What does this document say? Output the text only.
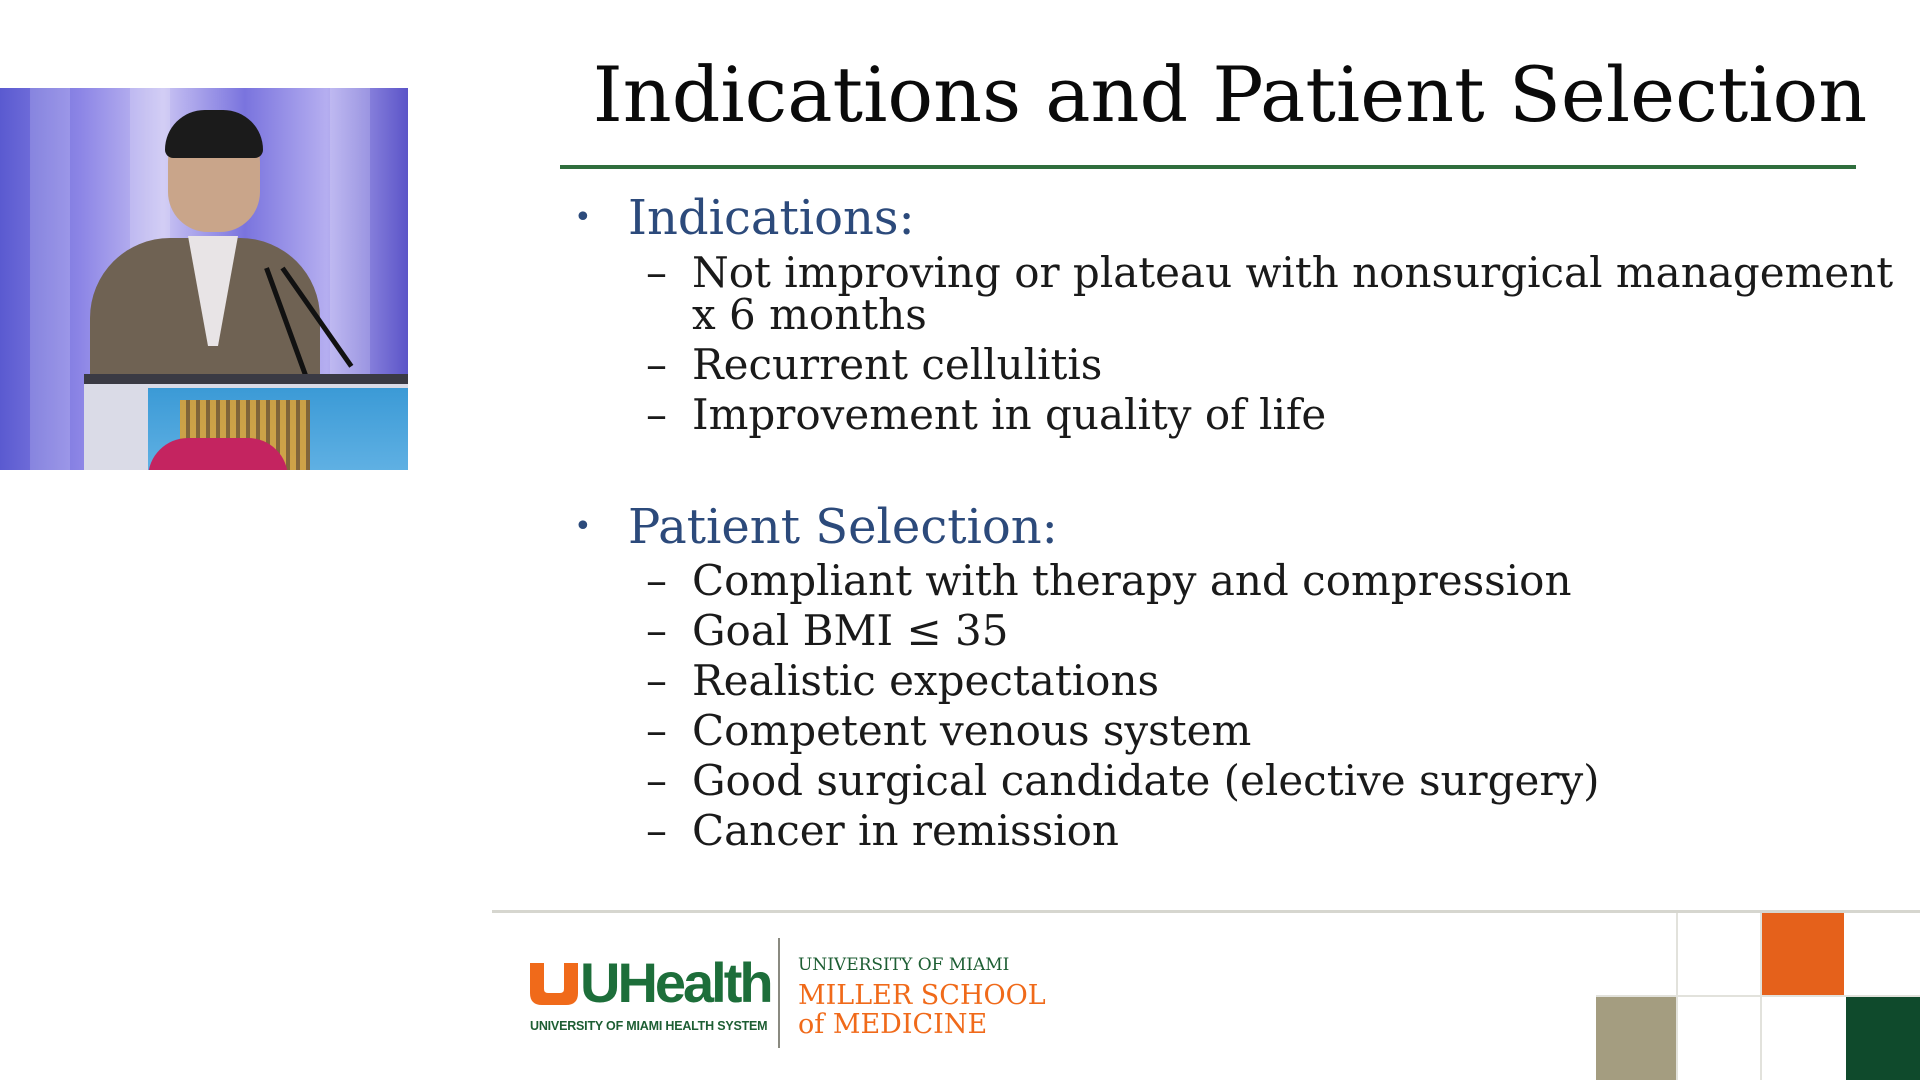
Indications and Patient Selection
• Indications:
– Not improving or plateau with nonsurgical management
x 6 months
– Recurrent cellulitis
– Improvement in quality of life
• Patient Selection:
– Compliant with therapy and compression
– Goal BMI ≤ 35
– Realistic expectations
– Competent venous system
– Good surgical candidate (elective surgery)
– Cancer in remission
UHealth
UNIVERSITY OF MIAMI HEALTH SYSTEM
UNIVERSITY OF MIAMI
MILLER SCHOOL
of MEDICINE
